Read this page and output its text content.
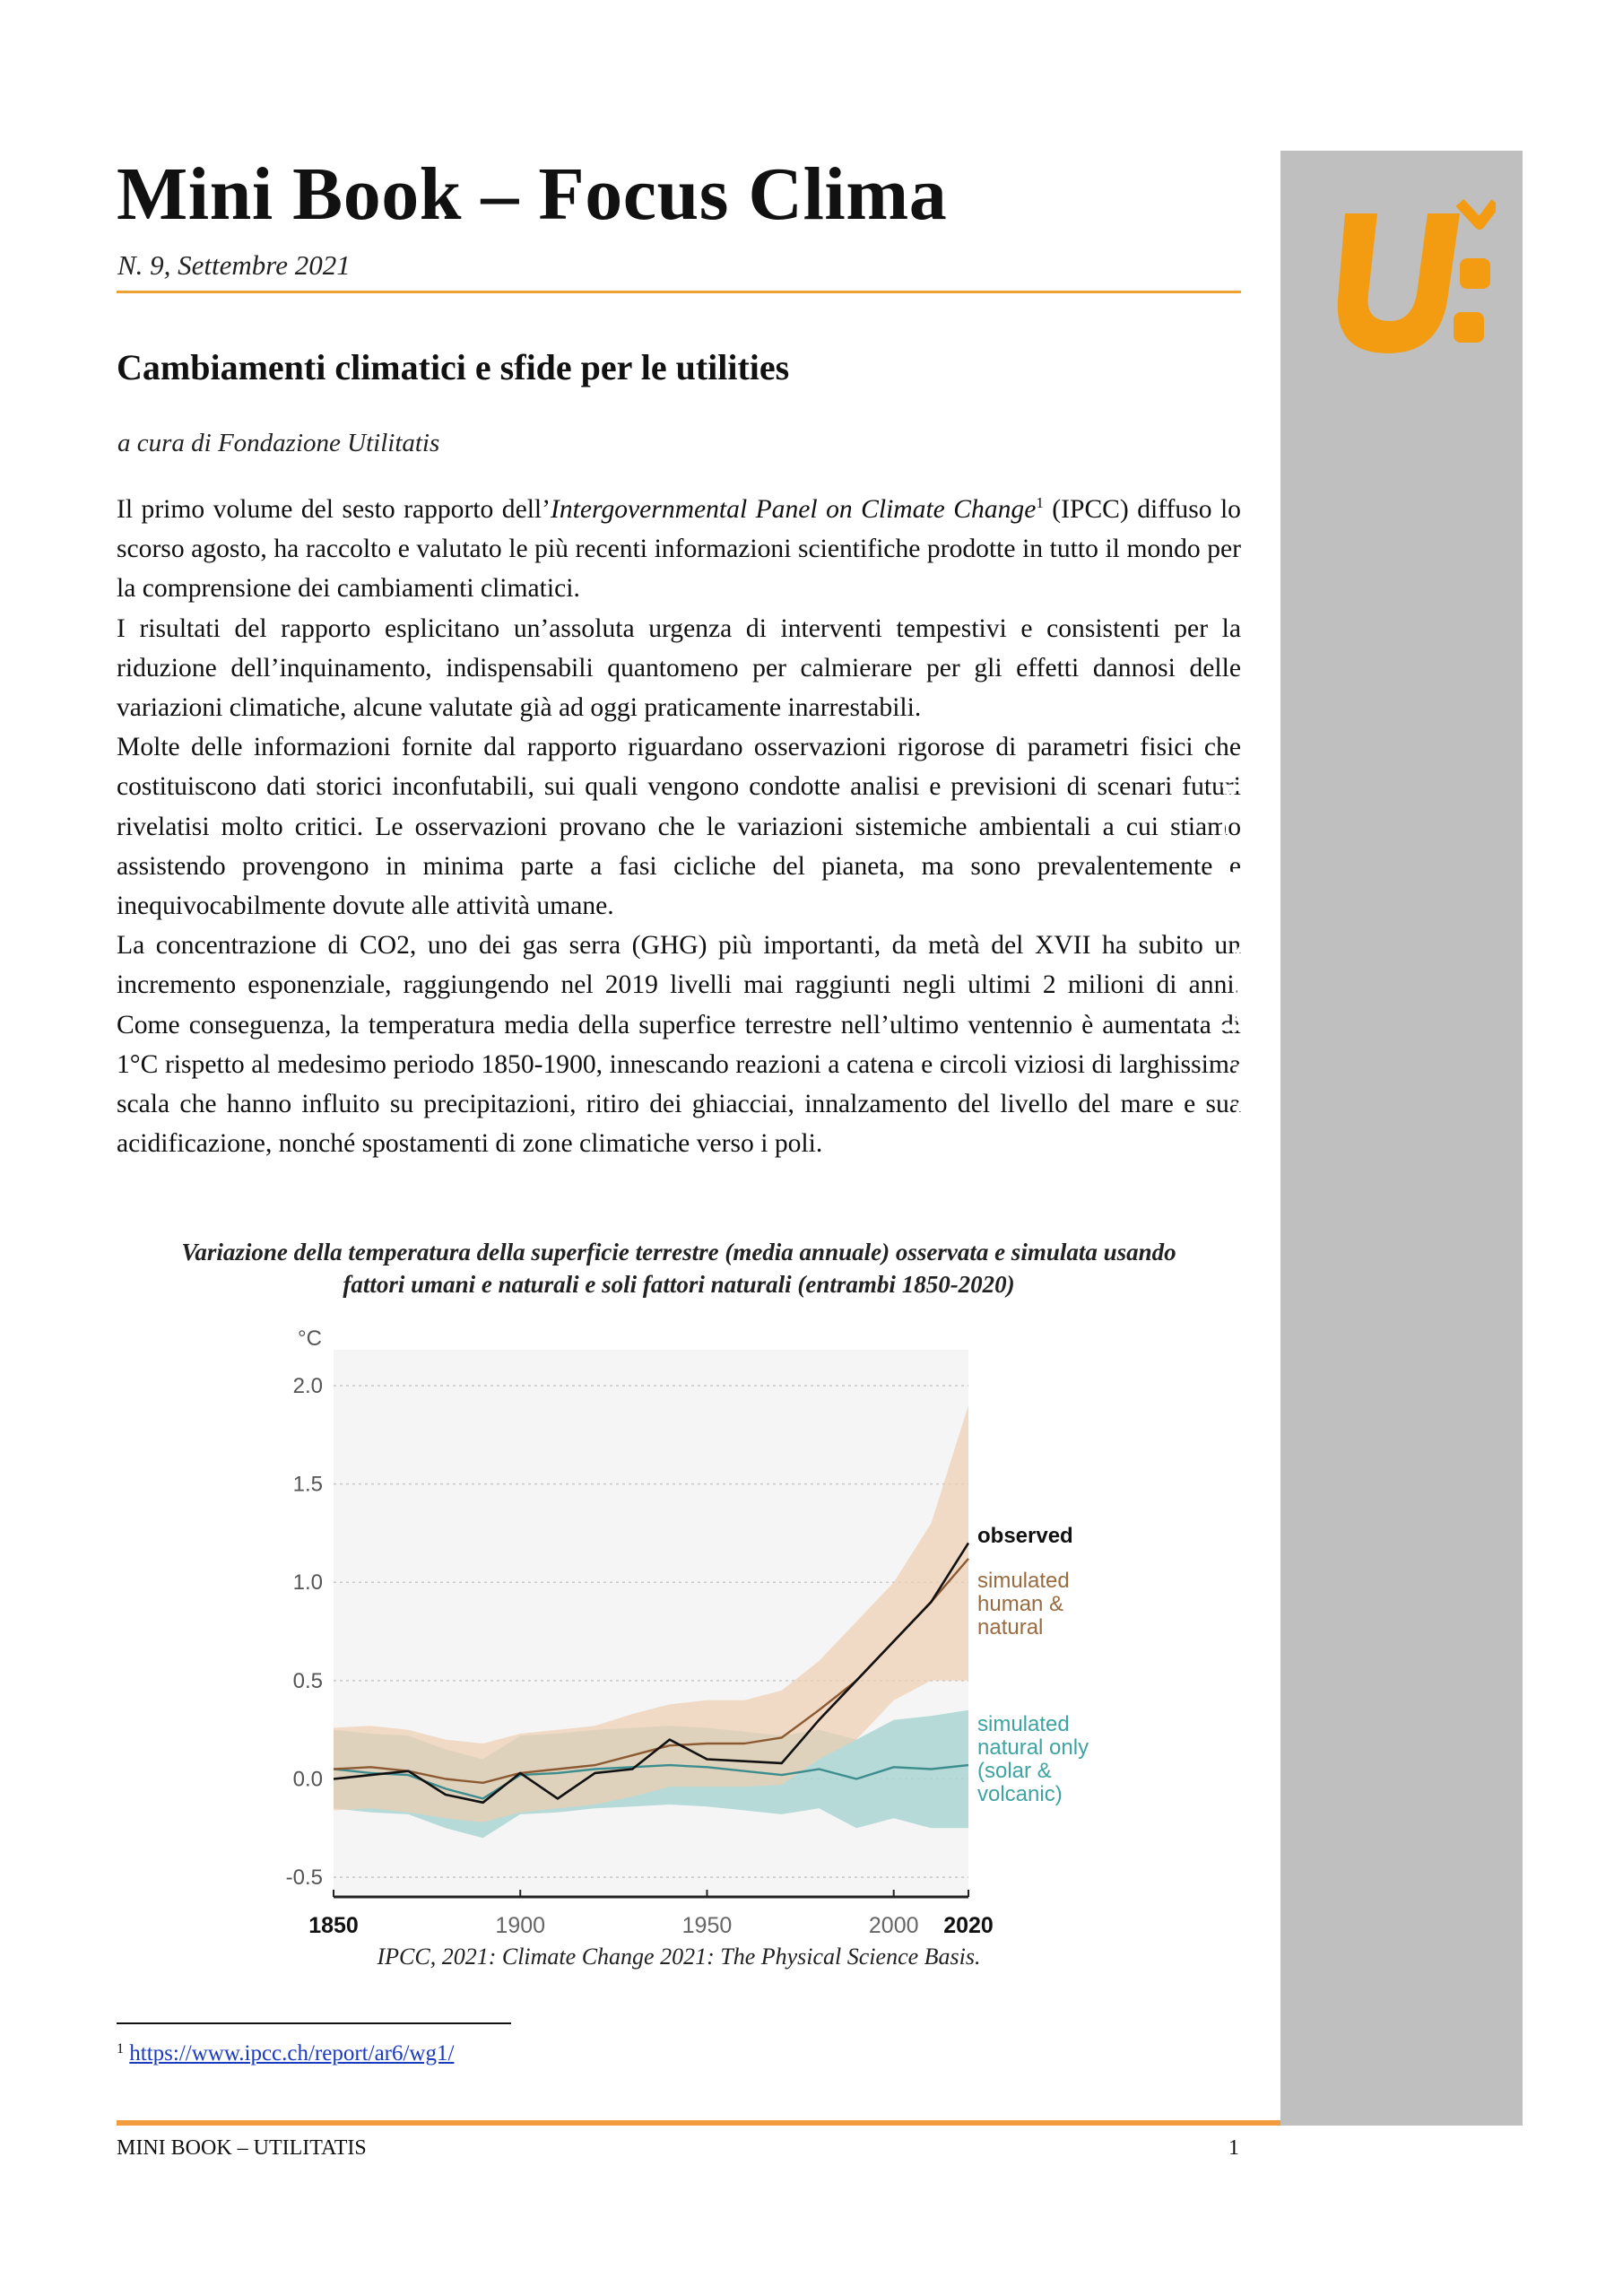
Mini Book – Focus Clima
N. 9, Settembre 2021
Cambiamenti climatici e sfide per le utilities
a cura di Fondazione Utilitatis

Il primo volume del sesto rapporto dell’Intergovernmental Panel on Climate Change$^1$ (IPCC) diffuso lo scorso agosto, ha raccolto e valutato le più recenti informazioni scientifiche prodotte in tutto il mondo per la comprensione dei cambiamenti climatici.

I risultati del rapporto esplicitano un’assoluta urgenza di interventi tempestivi e consistenti per la riduzione dell’inquinamento, indispensabili quantomeno per calmierare per gli effetti dannosi delle variazioni climatiche, alcune valutate già ad oggi praticamente inarrestabili.

Molte delle informazioni fornite dal rapporto riguardano osservazioni rigorose di parametri fisici che costituiscono dati storici inconfutabili, sui quali vengono condotte analisi e previsioni di scenari futuri rivelatisi molto critici. Le osservazioni provano che le variazioni sistemiche ambientali a cui stiamo assistendo provengono in minima parte a fasi cicliche del pianeta, ma sono prevalentemente e inequivocabilmente dovute alle attività umane.

La concentrazione di CO2, uno dei gas serra (GHG) più importanti, da metà del XVII ha subito un incremento esponenziale, raggiungendo nel 2019 livelli mai raggiunti negli ultimi 2 milioni di anni. Come conseguenza, la temperatura media della superfice terrestre nell’ultimo ventennio è aumentata di 1°C rispetto al medesimo periodo 1850-1900, innescando reazioni a catena e circoli viziosi di larghissima scala che hanno influito su precipitazioni, ritiro dei ghiacciai, innalzamento del livello del mare e sua acidificazione, nonché spostamenti di zone climatiche verso i poli.

Variazione della temperatura della superficie terrestre (media annuale) osservata e simulata usando
fattori umani e naturali e soli fattori naturali (entrambi 1850-2020)
2.0
1.5
1.0
0.5
0.0
-0.5
°C
1850	1900	1950	2000 2020
observed
simulated
human &
natural
simulated
natural only
(solar &
volcanic)
IPCC, 2021: Climate Change 2021: The Physical Science Basis.
$^1$ https://www.ipcc.ch/report/ar6/wg1/
MINI BOOK – UTILITATIS	1
MINI BOOKSettembre 2021
